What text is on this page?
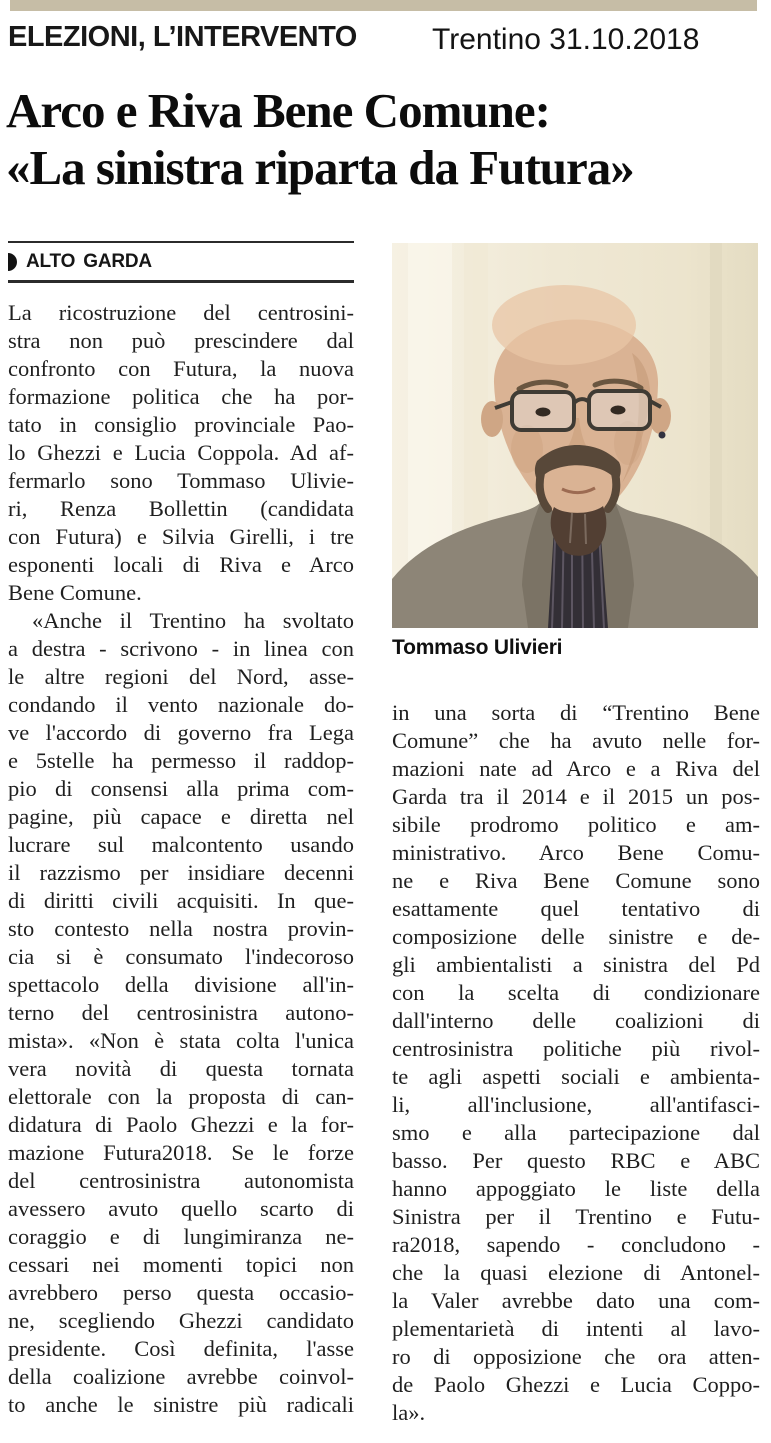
ELEZIONI, L’INTERVENTO	Trentino 31.10.2018
Arco e Riva Bene Comune:
«La sinistra riparta da Futura»
ALTO GARDA
La ricostruzione del centrosini-
stra non può prescindere dal
confronto con Futura, la nuova
formazione politica che ha por-
tato in consiglio provinciale Pao-
lo Ghezzi e Lucia Coppola. Ad af-
fermarlo sono Tommaso Ulivie-
ri, Renza Bollettin (candidata
con Futura) e Silvia Girelli, i tre
esponenti locali di Riva e Arco
Bene Comune.
«Anche il Trentino ha svoltato
a destra - scrivono - in linea con
le altre regioni del Nord, asse-
condando il vento nazionale do-
ve l'accordo di governo fra Lega
e 5stelle ha permesso il raddop-
pio di consensi alla prima com-
pagine, più capace e diretta nel
lucrare sul malcontento usando
il razzismo per insidiare decenni
di diritti civili acquisiti. In que-
sto contesto nella nostra provin-
cia si è consumato l'indecoroso
spettacolo della divisione all'in-
terno del centrosinistra autono-
mista». «Non è stata colta l'unica
vera novità di questa tornata
elettorale con la proposta di can-
didatura di Paolo Ghezzi e la for-
mazione Futura2018. Se le forze
del centrosinistra autonomista
avessero avuto quello scarto di
coraggio e di lungimiranza ne-
cessari nei momenti topici non
avrebbero perso questa occasio-
ne, scegliendo Ghezzi candidato
presidente. Così definita, l'asse
della coalizione avrebbe coinvol-
to anche le sinistre più radicali
Tommaso Ulivieri
in una sorta di “Trentino Bene
Comune” che ha avuto nelle for-
mazioni nate ad Arco e a Riva del
Garda tra il 2014 e il 2015 un pos-
sibile prodromo politico e am-
ministrativo. Arco Bene Comu-
ne e Riva Bene Comune sono
esattamente quel tentativo di
composizione delle sinistre e de-
gli ambientalisti a sinistra del Pd
con la scelta di condizionare
dall'interno delle coalizioni di
centrosinistra politiche più rivol-
te agli aspetti sociali e ambienta-
li, all'inclusione, all'antifasci-
smo e alla partecipazione dal
basso. Per questo RBC e ABC
hanno appoggiato le liste della
Sinistra per il Trentino e Futu-
ra2018, sapendo - concludono -
che la quasi elezione di Antonel-
la Valer avrebbe dato una com-
plementarietà di intenti al lavo-
ro di opposizione che ora atten-
de Paolo Ghezzi e Lucia Coppo-
la».
